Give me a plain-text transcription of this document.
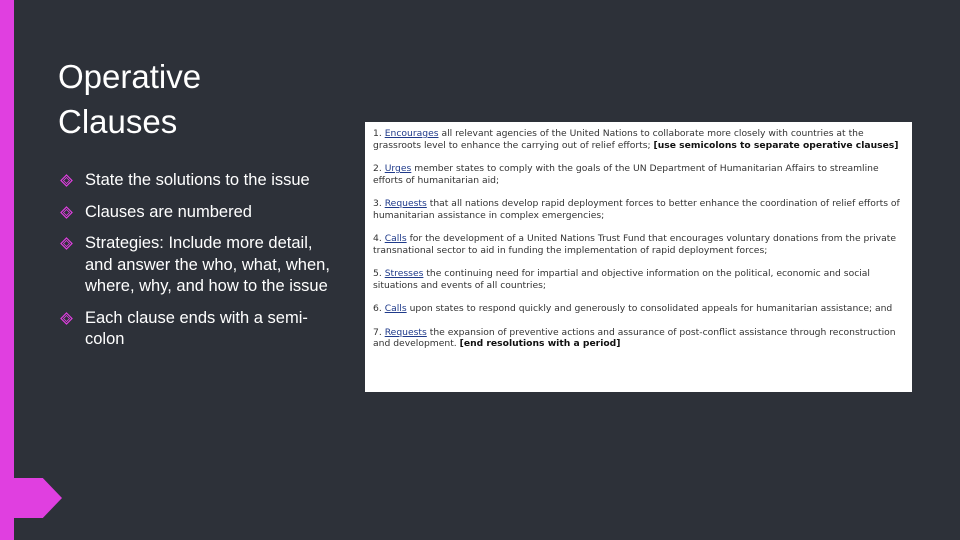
Operative
Clauses
State the solutions to the issue
Clauses are numbered
Strategies: Include more detail, and answer the who, what, when, where, why, and how to the issue
Each clause ends with a semi-colon
1. Encourages all relevant agencies of the United Nations to collaborate more closely with countries at the grassroots level to enhance the carrying out of relief efforts; [use semicolons to separate operative clauses]
2. Urges member states to comply with the goals of the UN Department of Humanitarian Affairs to streamline efforts of humanitarian aid;
3. Requests that all nations develop rapid deployment forces to better enhance the coordination of relief efforts of humanitarian assistance in complex emergencies;
4. Calls for the development of a United Nations Trust Fund that encourages voluntary donations from the private transnational sector to aid in funding the implementation of rapid deployment forces;
5. Stresses the continuing need for impartial and objective information on the political, economic and social situations and events of all countries;
6. Calls upon states to respond quickly and generously to consolidated appeals for humanitarian assistance; and
7. Requests the expansion of preventive actions and assurance of post-conflict assistance through reconstruction and development. [end resolutions with a period]
